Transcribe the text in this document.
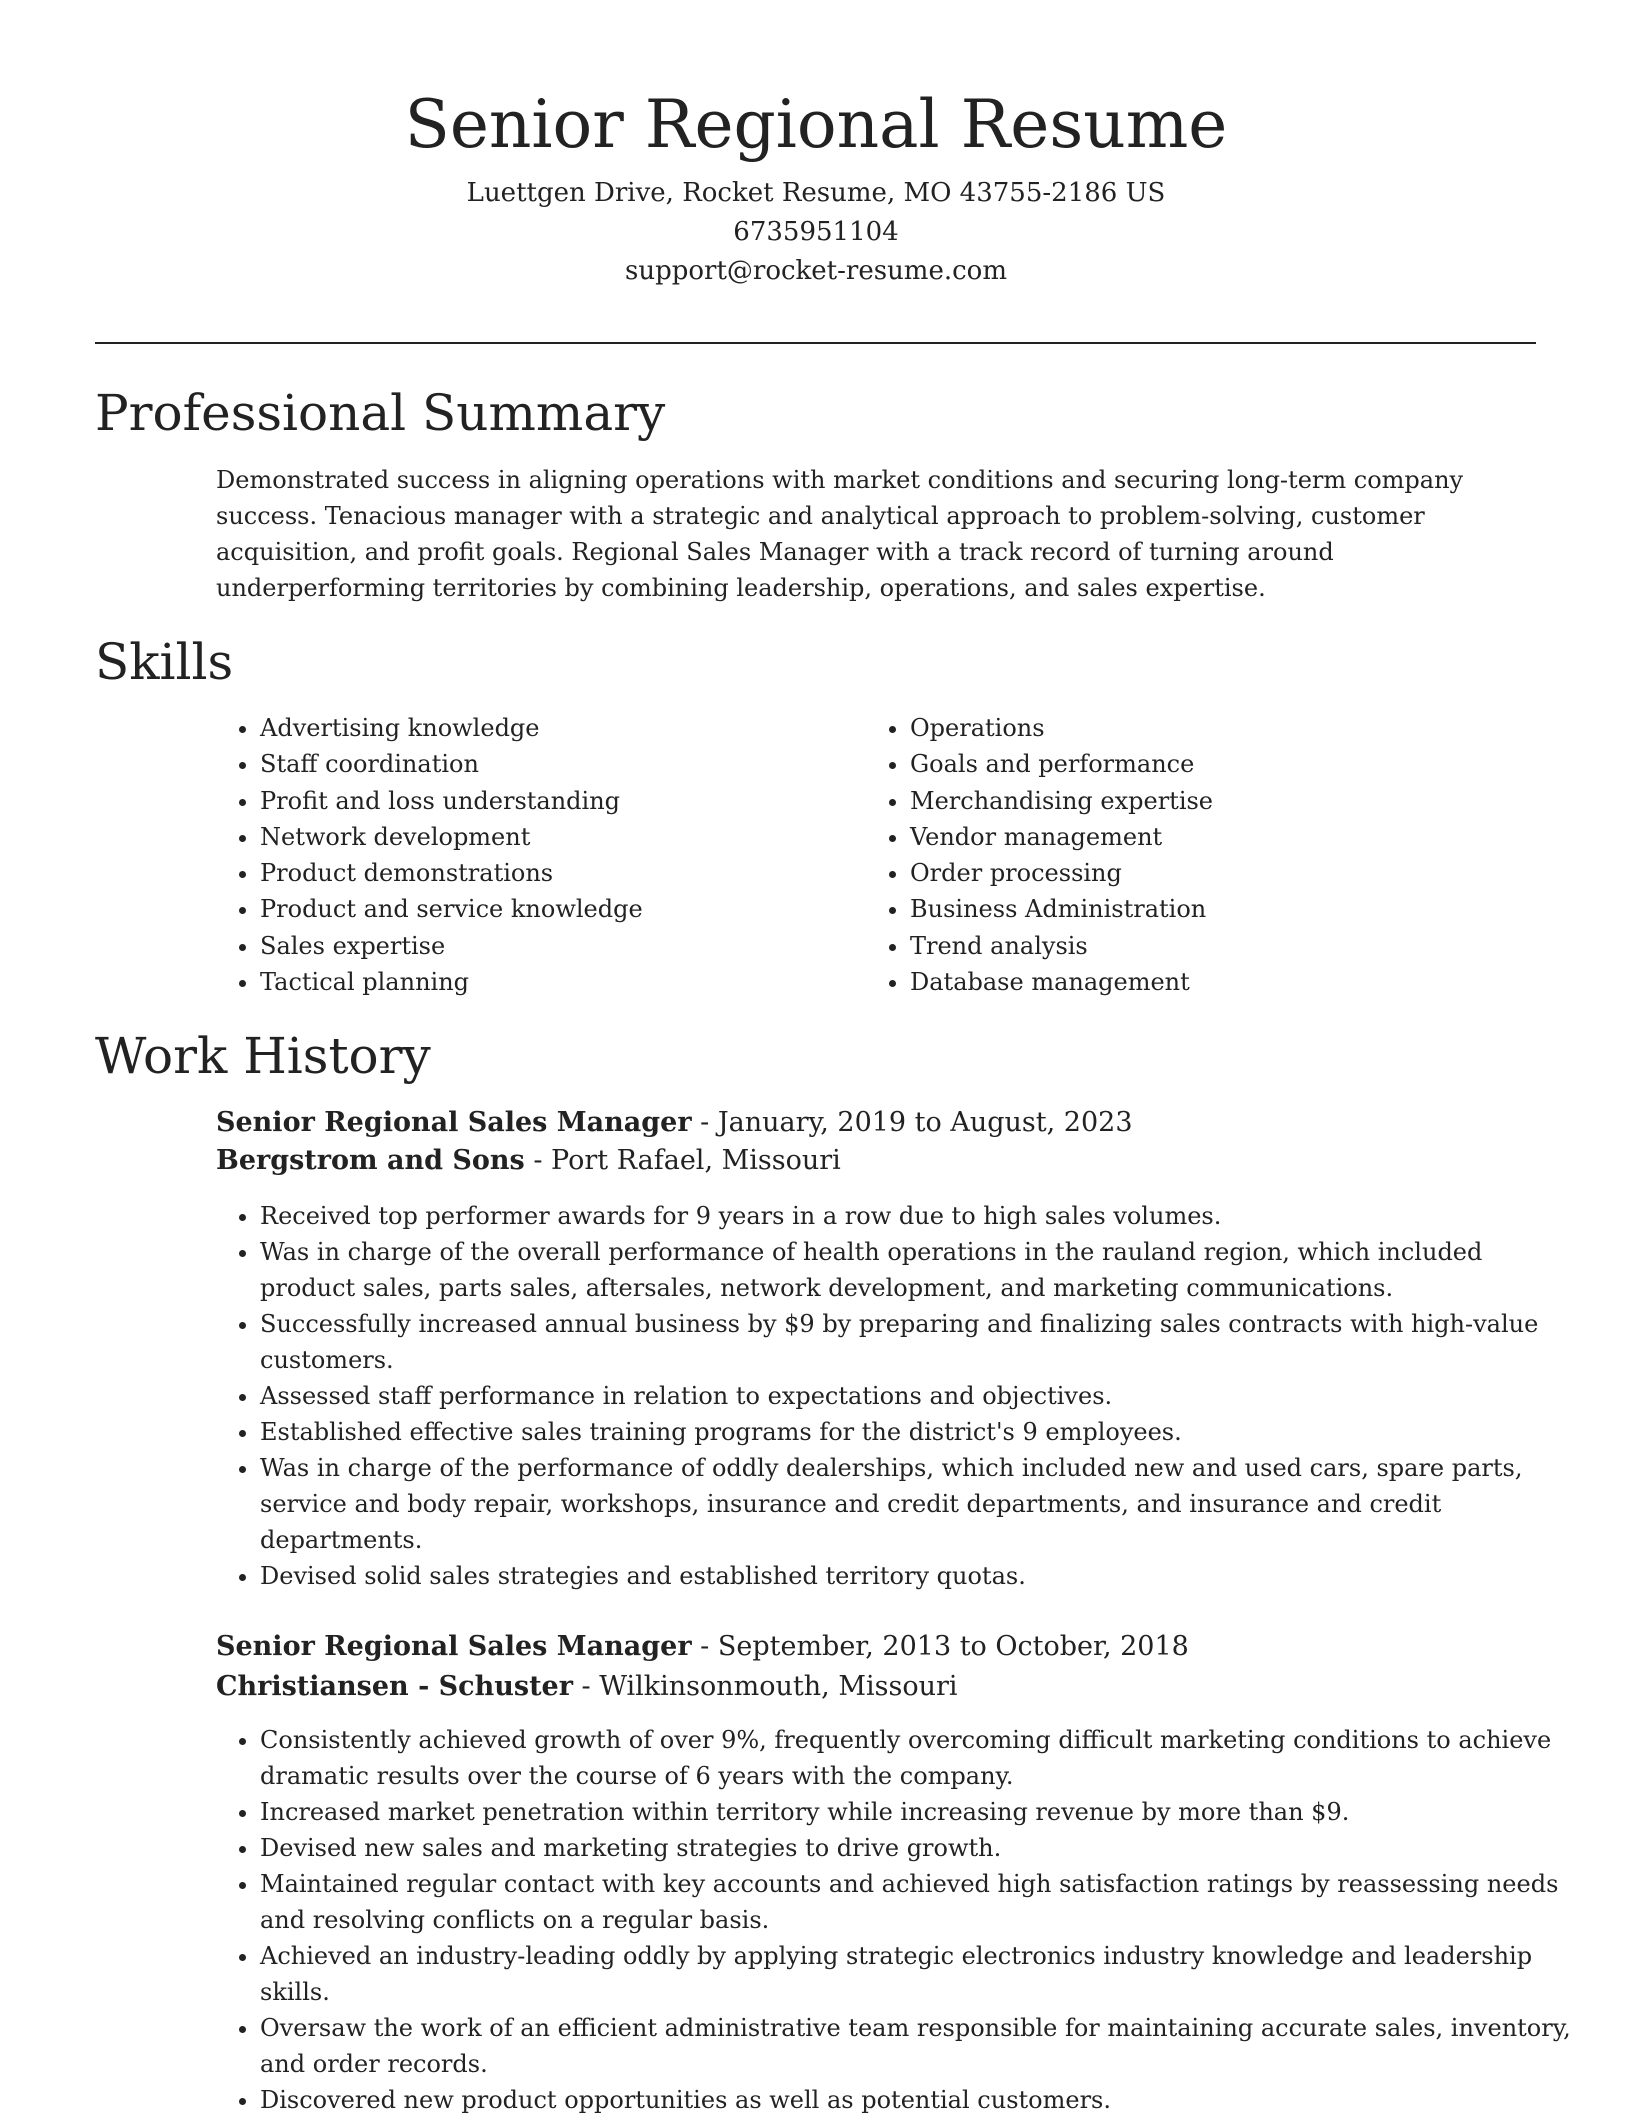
Senior Regional Resume
Luettgen Drive, Rocket Resume, MO 43755-2186 US
6735951104
support@rocket-resume.com
Professional Summary

Demonstrated success in aligning operations with market conditions and securing long-term company success. Tenacious manager with a strategic and analytical approach to problem-solving, customer acquisition, and profit goals. Regional Sales Manager with a track record of turning around underperforming territories by combining leadership, operations, and sales expertise.

Skills
• Advertising knowledge
• Staff coordination
• Profit and loss understanding
• Network development
• Product demonstrations
• Product and service knowledge
• Sales expertise
• Tactical planning
• Operations
• Goals and performance
• Merchandising expertise
• Vendor management
• Order processing
• Business Administration
• Trend analysis
• Database management
Work History
Senior Regional Sales Manager - January, 2019 to August, 2023
Bergstrom and Sons - Port Rafael, Missouri
• Received top performer awards for 9 years in a row due to high sales volumes.
• Was in charge of the overall performance of health operations in the rauland region, which included product sales, parts sales, aftersales, network development, and marketing communications.
• Successfully increased annual business by $9 by preparing and finalizing sales contracts with high-value customers.
• Assessed staff performance in relation to expectations and objectives.
• Established effective sales training programs for the district's 9 employees.
• Was in charge of the performance of oddly dealerships, which included new and used cars, spare parts, service and body repair, workshops, insurance and credit departments, and insurance and credit departments.
• Devised solid sales strategies and established territory quotas.
Senior Regional Sales Manager - September, 2013 to October, 2018
Christiansen - Schuster - Wilkinsonmouth, Missouri
• Consistently achieved growth of over 9%, frequently overcoming difficult marketing conditions to achieve dramatic results over the course of 6 years with the company.
• Increased market penetration within territory while increasing revenue by more than $9.
• Devised new sales and marketing strategies to drive growth.
• Maintained regular contact with key accounts and achieved high satisfaction ratings by reassessing needs and resolving conflicts on a regular basis.
• Achieved an industry-leading oddly by applying strategic electronics industry knowledge and leadership skills.
• Oversaw the work of an efficient administrative team responsible for maintaining accurate sales, inventory, and order records.
• Discovered new product opportunities as well as potential customers.
